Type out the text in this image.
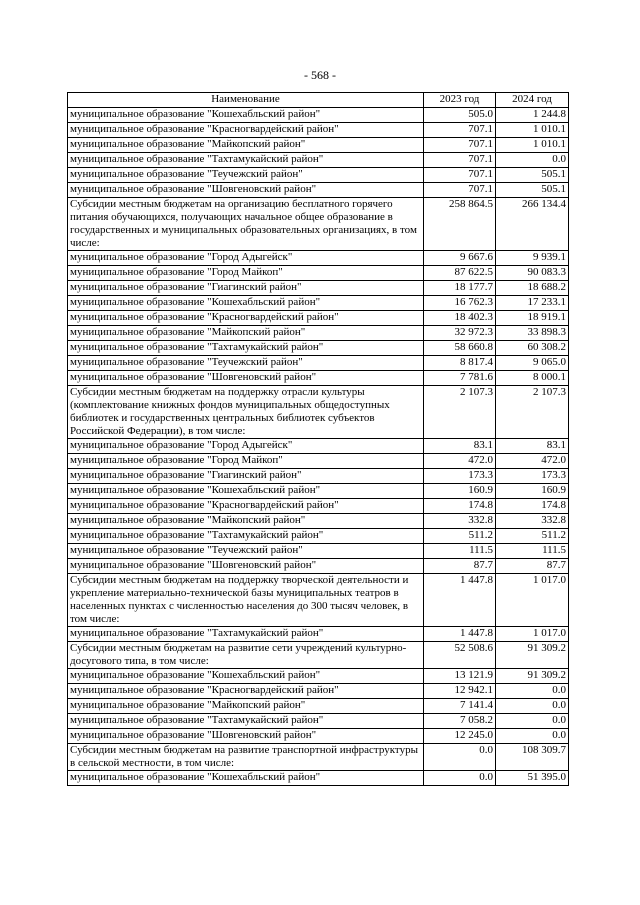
- 568 -
Наименование	2023 год	2024 год
муниципальное образование "Кошехабльский район"	505.0	1 244.8
муниципальное образование "Красногвардейский район"	707.1	1 010.1
муниципальное образование "Майкопский район"	707.1	1 010.1
муниципальное образование "Тахтамукайский район"	707.1	0.0
муниципальное образование "Теучежский район"	707.1	505.1
муниципальное образование "Шовгеновский район"	707.1	505.1
Субсидии местным бюджетам на организацию бесплатного горячего питания обучающихся, получающих начальное общее образование в государственных и муниципальных образовательных организациях, в том числе:	258 864.5	266 134.4
муниципальное образование "Город Адыгейск"	9 667.6	9 939.1
муниципальное образование "Город Майкоп"	87 622.5	90 083.3
муниципальное образование "Гиагинский район"	18 177.7	18 688.2
муниципальное образование "Кошехабльский район"	16 762.3	17 233.1
муниципальное образование "Красногвардейский район"	18 402.3	18 919.1
муниципальное образование "Майкопский район"	32 972.3	33 898.3
муниципальное образование "Тахтамукайский район"	58 660.8	60 308.2
муниципальное образование "Теучежский район"	8 817.4	9 065.0
муниципальное образование "Шовгеновский район"	7 781.6	8 000.1
Субсидии местным бюджетам на поддержку отрасли культуры (комплектование книжных фондов муниципальных общедоступных библиотек и государственных центральных библиотек субъектов Российской Федерации), в том числе:	2 107.3	2 107.3
муниципальное образование "Город Адыгейск"	83.1	83.1
муниципальное образование "Город Майкоп"	472.0	472.0
муниципальное образование "Гиагинский район"	173.3	173.3
муниципальное образование "Кошехабльский район"	160.9	160.9
муниципальное образование "Красногвардейский район"	174.8	174.8
муниципальное образование "Майкопский район"	332.8	332.8
муниципальное образование "Тахтамукайский район"	511.2	511.2
муниципальное образование "Теучежский район"	111.5	111.5
муниципальное образование "Шовгеновский район"	87.7	87.7
Субсидии местным бюджетам на поддержку творческой деятельности и укрепление материально-технической базы муниципальных театров в населенных пунктах с численностью населения до 300 тысяч человек, в том числе:	1 447.8	1 017.0
муниципальное образование "Тахтамукайский район"	1 447.8	1 017.0
Субсидии местным бюджетам на развитие сети учреждений культурно-досугового типа, в том числе:	52 508.6	91 309.2
муниципальное образование "Кошехабльский район"	13 121.9	91 309.2
муниципальное образование "Красногвардейский район"	12 942.1	0.0
муниципальное образование "Майкопский район"	7 141.4	0.0
муниципальное образование "Тахтамукайский район"	7 058.2	0.0
муниципальное образование "Шовгеновский район"	12 245.0	0.0
Субсидии местным бюджетам на развитие транспортной инфраструктуры в сельской местности, в том числе:	0.0	108 309.7
муниципальное образование "Кошехабльский район"	0.0	51 395.0
